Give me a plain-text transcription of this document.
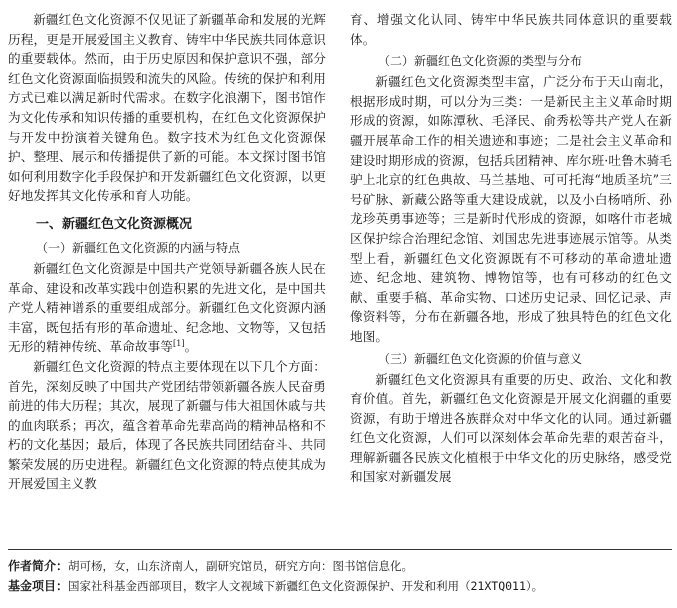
新疆红色文化资源不仅见证了新疆革命和发展的光辉历程，更是开展爱国主义教育、铸牢中华民族共同体意识的重要载体。然而，由于历史原因和保护意识不强，部分红色文化资源面临损毁和流失的风险。传统的保护和利用方式已难以满足新时代需求。在数字化浪潮下，图书馆作为文化传承和知识传播的重要机构，在红色文化资源保护与开发中扮演着关键角色。数字技术为红色文化资源保护、整理、展示和传播提供了新的可能。本文探讨图书馆如何利用数字化手段保护和开发新疆红色文化资源，以更好地发挥其文化传承和育人功能。

一、新疆红色文化资源概况
（一）新疆红色文化资源的内涵与特点

新疆红色文化资源是中国共产党领导新疆各族人民在革命、建设和改革实践中创造积累的先进文化，是中国共产党人精神谱系的重要组成部分。新疆红色文化资源内涵丰富，既包括有形的革命遗址、纪念地、文物等，又包括无形的精神传统、革命故事等[1]。

新疆红色文化资源的特点主要体现在以下几个方面：首先，深刻反映了中国共产党团结带领新疆各族人民奋勇前进的伟大历程；其次，展现了新疆与伟大祖国休戚与共的血肉联系；再次，蕴含着革命先辈高尚的精神品格和不朽的文化基因；最后，体现了各民族共同团结奋斗、共同繁荣发展的历史进程。新疆红色文化资源的特点使其成为开展爱国主义教

育、增强文化认同、铸牢中华民族共同体意识的重要载体。

（二）新疆红色文化资源的类型与分布

新疆红色文化资源类型丰富，广泛分布于天山南北，根据形成时期，可以分为三类：一是新民主主义革命时期形成的资源，如陈潭秋、毛泽民、俞秀松等共产党人在新疆开展革命工作的相关遗迹和事迹；二是社会主义革命和建设时期形成的资源，包括兵团精神、库尔班·吐鲁木骑毛驴上北京的红色典故、马兰基地、可可托海“地质圣坑”三号矿脉、新藏公路等重大建设成就，以及小白杨哨所、孙龙珍英勇事迹等；三是新时代形成的资源，如喀什市老城区保护综合治理纪念馆、刘国忠先进事迹展示馆等。从类型上看，新疆红色文化资源既有不可移动的革命遗址遗迹、纪念地、建筑物、博物馆等，也有可移动的红色文献、重要手稿、革命实物、口述历史记录、回忆记录、声像资料等，分布在新疆各地，形成了独具特色的红色文化地图。

（三）新疆红色文化资源的价值与意义

新疆红色文化资源具有重要的历史、政治、文化和教育价值。首先，新疆红色文化资源是开展文化润疆的重要资源，有助于增进各族群众对中华文化的认同。通过新疆红色文化资源，人们可以深刻体会革命先辈的艰苦奋斗，理解新疆各民族文化植根于中华文化的历史脉络，感受党和国家对新疆发展

作者简介：胡可杨，女，山东济南人，副研究馆员，研究方向：图书馆信息化。
基金项目：国家社科基金西部项目，数字人文视域下新疆红色文化资源保护、开发和利用（21XTQ011）。
